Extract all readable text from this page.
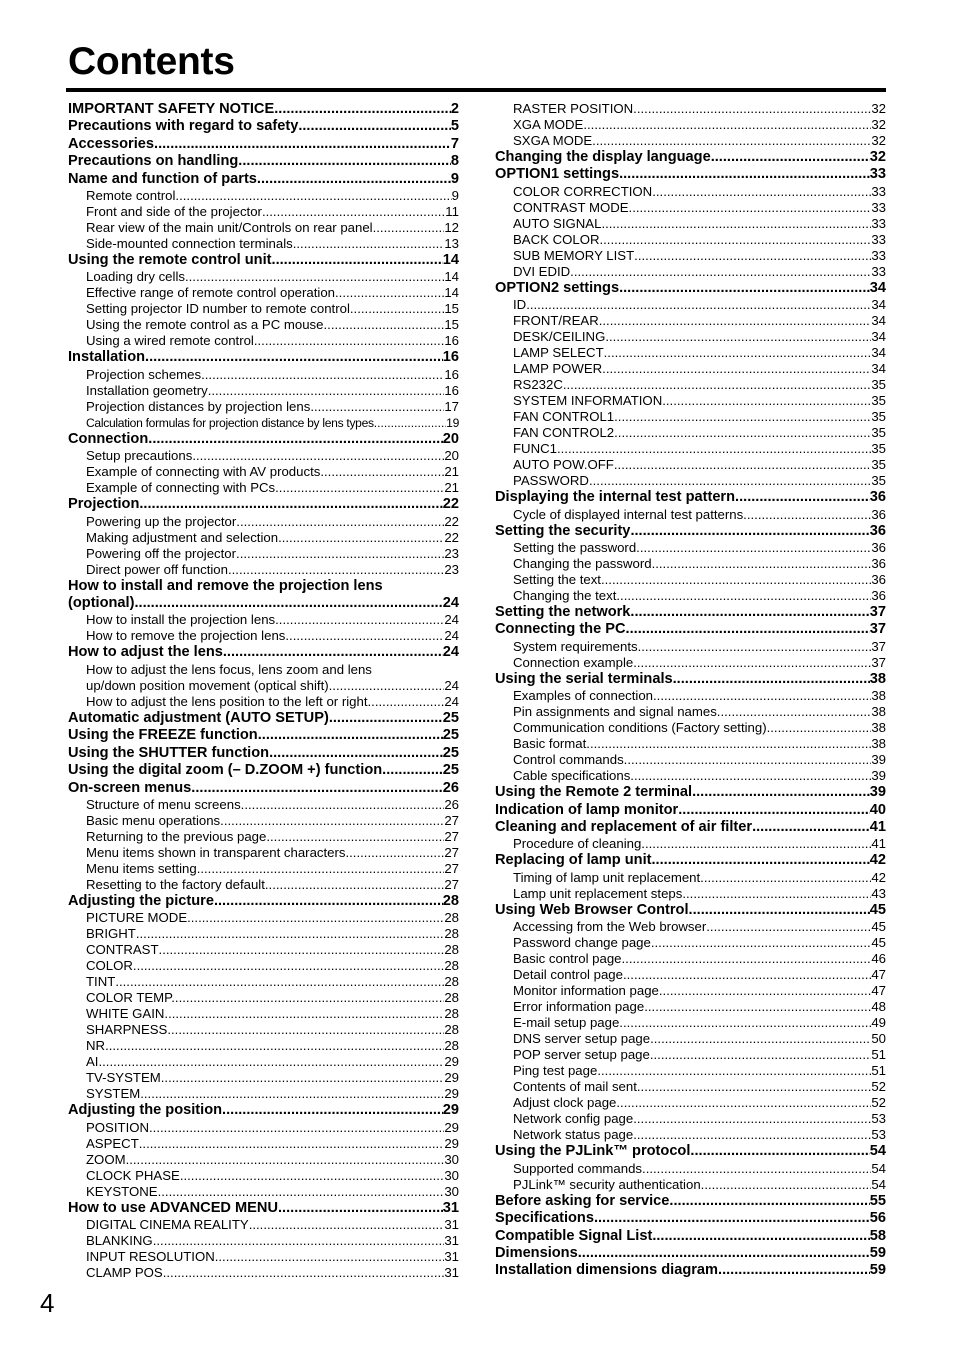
Contents
IMPORTANT SAFETY NOTICE .....	2
Precautions with regard to safety .....	5
Accessories .....	7
Precautions on handling .....	8
Name and function of parts .....	9
Remote control .....	9
Front and side of the projector .....	11
Rear view of the main unit/Controls on rear panel .....	12
Side-mounted connection terminals .....	13
Using the remote control unit .....	14
Loading dry cells .....	14
Effective range of remote control operation .....	14
Setting projector ID number to remote control .....	15
Using the remote control as a PC mouse .....	15
Using a wired remote control .....	16
Installation .....	16
Projection schemes .....	16
Installation geometry .....	16
Projection distances by projection lens .....	17
Calculation formulas for projection distance by lens types .....	19
Connection .....	20
Setup precautions .....	20
Example of connecting with AV products .....	21
Example of connecting with PCs .....	21
Projection .....	22
Powering up the projector .....	22
Making adjustment and selection .....	22
Powering off the projector .....	23
Direct power off function .....	23
How to install and remove the projection lens
(optional) .....	24
How to install the projection lens .....	24
How to remove the projection lens .....	24
How to adjust the lens .....	24
How to adjust the lens focus, lens zoom and lens
up/down position movement (optical shift) .....	24
How to adjust the lens position to the left or right .....	24
Automatic adjustment (AUTO SETUP) .....	25
Using the FREEZE function .....	25
Using the SHUTTER function .....	25
Using the digital zoom (– D.ZOOM +) function .....	25
On-screen menus .....	26
Structure of menu screens .....	26
Basic menu operations .....	27
Returning to the previous page .....	27
Menu items shown in transparent characters .....	27
Menu items setting .....	27
Resetting to the factory default .....	27
Adjusting the picture .....	28
PICTURE MODE .....	28
BRIGHT .....	28
CONTRAST .....	28
COLOR .....	28
TINT .....	28
COLOR TEMP. .....	28
WHITE GAIN .....	28
SHARPNESS .....	28
NR .....	28
AI .....	29
TV-SYSTEM .....	29
SYSTEM .....	29
Adjusting the position .....	29
POSITION .....	29
ASPECT .....	29
ZOOM .....	30
CLOCK PHASE .....	30
KEYSTONE .....	30
How to use ADVANCED MENU .....	31
DIGITAL CINEMA REALITY .....	31
BLANKING .....	31
INPUT RESOLUTION .....	31
CLAMP POS. .....	31
RASTER POSITION .....	32
XGA MODE .....	32
SXGA MODE .....	32
Changing the display language .....	32
OPTION1 settings .....	33
COLOR CORRECTION .....	33
CONTRAST MODE .....	33
AUTO SIGNAL .....	33
BACK COLOR .....	33
SUB MEMORY LIST .....	33
DVI EDID .....	33
OPTION2 settings .....	34
ID .....	34
FRONT/REAR .....	34
DESK/CEILING .....	34
LAMP SELECT .....	34
LAMP POWER .....	34
RS232C .....	35
SYSTEM INFORMATION .....	35
FAN CONTROL1 .....	35
FAN CONTROL2 .....	35
FUNC1 .....	35
AUTO POW.OFF .....	35
PASSWORD .....	35
Displaying the internal test pattern .....	36
Cycle of displayed internal test patterns .....	36
Setting the security .....	36
Setting the password .....	36
Changing the password .....	36
Setting the text .....	36
Changing the text .....	36
Setting the network .....	37
Connecting the PC .....	37
System requirements .....	37
Connection example .....	37
Using the serial terminals .....	38
Examples of connection .....	38
Pin assignments and signal names .....	38
Communication conditions (Factory setting) .....	38
Basic format .....	38
Control commands .....	39
Cable specifications .....	39
Using the Remote 2 terminal .....	39
Indication of lamp monitor .....	40
Cleaning and replacement of air filter .....	41
Procedure of cleaning .....	41
Replacing of lamp unit .....	42
Timing of lamp unit replacement .....	42
Lamp unit replacement steps .....	43
Using Web Browser Control .....	45
Accessing from the Web browser .....	45
Password change page .....	45
Basic control page .....	46
Detail control page .....	47
Monitor information page .....	47
Error information page .....	48
E-mail setup page .....	49
DNS server setup page .....	50
POP server setup page .....	51
Ping test page .....	51
Contents of mail sent .....	52
Adjust clock page .....	52
Network config page .....	53
Network status page .....	53
Using the PJLink™ protocol .....	54
Supported commands .....	54
PJLink™ security authentication .....	54
Before asking for service .....	55
Specifications .....	56
Compatible Signal List .....	58
Dimensions .....	59
Installation dimensions diagram .....	59
4
